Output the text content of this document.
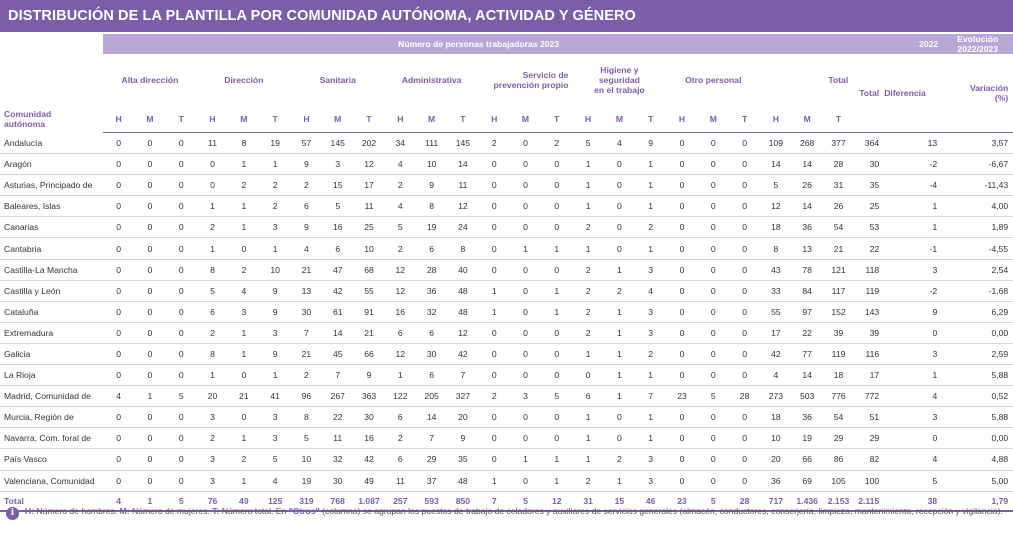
DISTRIBUCIÓN DE LA PLANTILLA POR COMUNIDAD AUTÓNOMA, ACTIVIDAD Y GÉNERO
	Número de personas trabajadoras 2023																								2022		Evolución 2022/2023
Comunidad
autónoma	Alta dirección			Dirección			Sanitaria			Administrativa			Servicio de
prevención propio			Higiene y
seguridad
en el trabajo			Otro personal			Total			Total	Diferencia	Variación
(%)
	H	M	T	H	M	T	H	M	T	H	M	T	H	M	T	H	M	T	H	M	T	H	M	T			
Andalucía	0	0	0	11	8	19	57	145	202	34	111	145	2	0	2	5	4	9	0	0	0	109	268	377	364	13	3,57
Aragón	0	0	0	0	1	1	9	3	12	4	10	14	0	0	0	1	0	1	0	0	0	14	14	28	30	-2	-6,67
Asturias, Principado de	0	0	0	0	2	2	2	15	17	2	9	11	0	0	0	1	0	1	0	0	0	5	26	31	35	-4	-11,43
Baleares, Islas	0	0	0	1	1	2	6	5	11	4	8	12	0	0	0	1	0	1	0	0	0	12	14	26	25	1	4,00
Canarias	0	0	0	2	1	3	9	16	25	5	19	24	0	0	0	2	0	2	0	0	0	18	36	54	53	1	1,89
Cantabria	0	0	0	1	0	1	4	6	10	2	6	8	0	1	1	1	0	1	0	0	0	8	13	21	22	-1	-4,55
Castilla-La Mancha	0	0	0	8	2	10	21	47	68	12	28	40	0	0	0	2	1	3	0	0	0	43	78	121	118	3	2,54
Castilla y León	0	0	0	5	4	9	13	42	55	12	36	48	1	0	1	2	2	4	0	0	0	33	84	117	119	-2	-1,68
Cataluña	0	0	0	6	3	9	30	61	91	16	32	48	1	0	1	2	1	3	0	0	0	55	97	152	143	9	6,29
Extremadura	0	0	0	2	1	3	7	14	21	6	6	12	0	0	0	2	1	3	0	0	0	17	22	39	39	0	0,00
Galicia	0	0	0	8	1	9	21	45	66	12	30	42	0	0	0	1	1	2	0	0	0	42	77	119	116	3	2,59
La Rioja	0	0	0	1	0	1	2	7	9	1	6	7	0	0	0	0	1	1	0	0	0	4	14	18	17	1	5,88
Madrid, Comunidad de	4	1	5	20	21	41	96	267	363	122	205	327	2	3	5	6	1	7	23	5	28	273	503	776	772	4	0,52
Murcia, Región de	0	0	0	3	0	3	8	22	30	6	14	20	0	0	0	1	0	1	0	0	0	18	36	54	51	3	5,88
Navarra, Com. foral de	0	0	0	2	1	3	5	11	16	2	7	9	0	0	0	1	0	1	0	0	0	10	19	29	29	0	0,00
País Vasco	0	0	0	3	2	5	10	32	42	6	29	35	0	1	1	1	2	3	0	0	0	20	66	86	82	4	4,88
Valenciana, Comunidad	0	0	0	3	1	4	19	30	49	11	37	48	1	0	1	2	1	3	0	0	0	36	69	105	100	5	5,00
Total	4	1	5	76	49	125	319	768	1.087	257	593	850	7	5	12	31	15	46	23	5	28	717	1.436	2.153	2.115	38	1,79
i	H: Número de hombres. M: Número de mujeres. T: Número total. En "Otros" (columna) se agrupan los puestos de trabajo de celadores y auxiliares de servicios generales (almacén, conductores, conserjería, limpieza, mantenimiento, recepción y vigilancia).
